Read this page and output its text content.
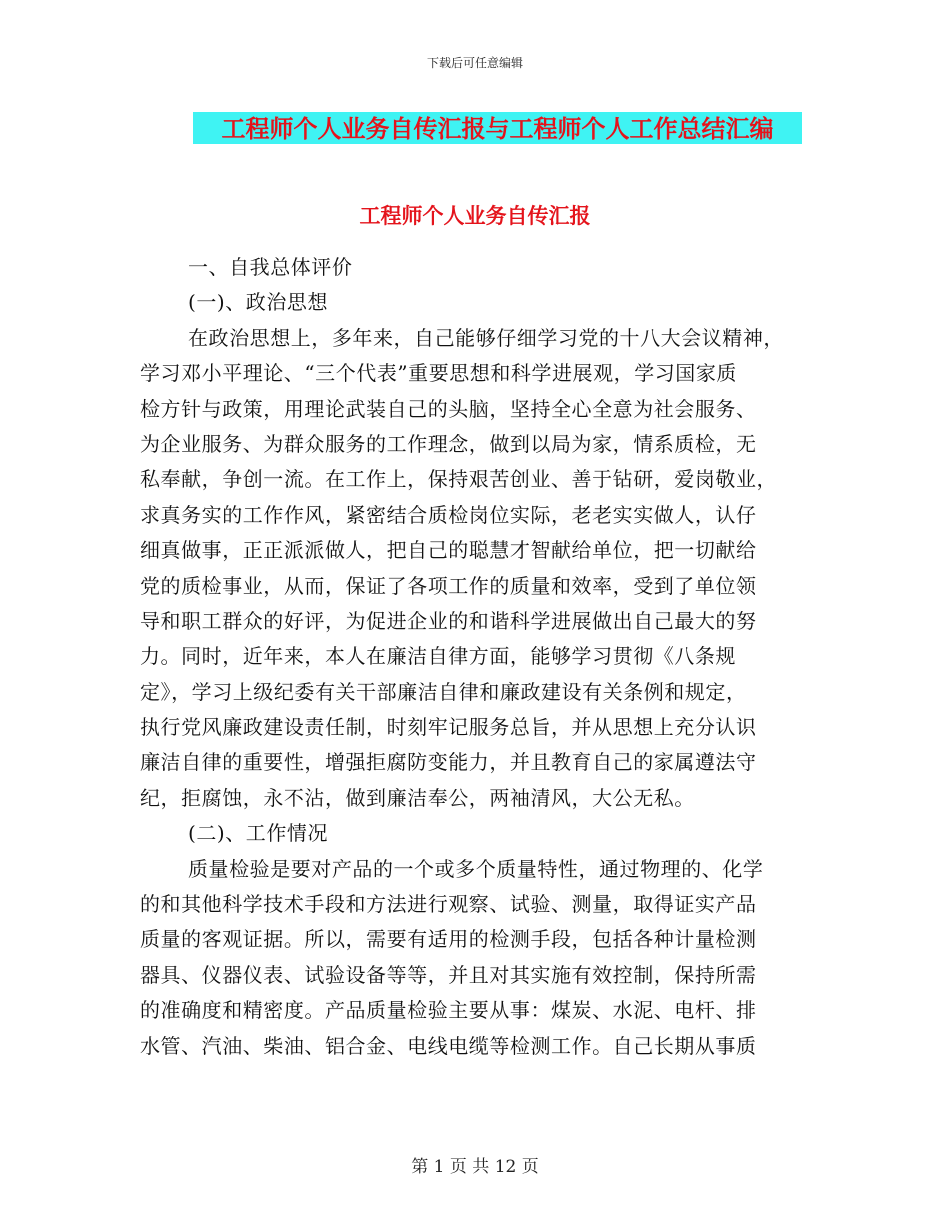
下载后可任意编辑
工程师个人业务自传汇报与工程师个人工作总结汇编
工程师个人业务自传汇报
一、自我总体评价
(一)、政治思想
在政治思想上，多年来，自己能够仔细学习党的十八大会议精神，
学习邓小平理论、“三个代表”重要思想和科学进展观，学习国家质
检方针与政策，用理论武装自己的头脑，坚持全心全意为社会服务、
为企业服务、为群众服务的工作理念，做到以局为家，情系质检，无
私奉献，争创一流。在工作上，保持艰苦创业、善于钻研，爱岗敬业，
求真务实的工作作风，紧密结合质检岗位实际，老老实实做人，认仔
细真做事，正正派派做人，把自己的聪慧才智献给单位，把一切献给
党的质检事业，从而，保证了各项工作的质量和效率，受到了单位领
导和职工群众的好评，为促进企业的和谐科学进展做出自己最大的努
力。同时，近年来，本人在廉洁自律方面，能够学习贯彻《八条规
定》，学习上级纪委有关干部廉洁自律和廉政建设有关条例和规定，
执行党风廉政建设责任制，时刻牢记服务总旨，并从思想上充分认识
廉洁自律的重要性，增强拒腐防变能力，并且教育自己的家属遵法守
纪，拒腐蚀，永不沾，做到廉洁奉公，两袖清风，大公无私。
(二)、工作情况
质量检验是要对产品的一个或多个质量特性，通过物理的、化学
的和其他科学技术手段和方法进行观察、试验、测量，取得证实产品
质量的客观证据。所以，需要有适用的检测手段，包括各种计量检测
器具、仪器仪表、试验设备等等，并且对其实施有效控制，保持所需
的准确度和精密度。产品质量检验主要从事：煤炭、水泥、电杆、排
水管、汽油、柴油、铝合金、电线电缆等检测工作。自己长期从事质
第 1 页 共 12 页
